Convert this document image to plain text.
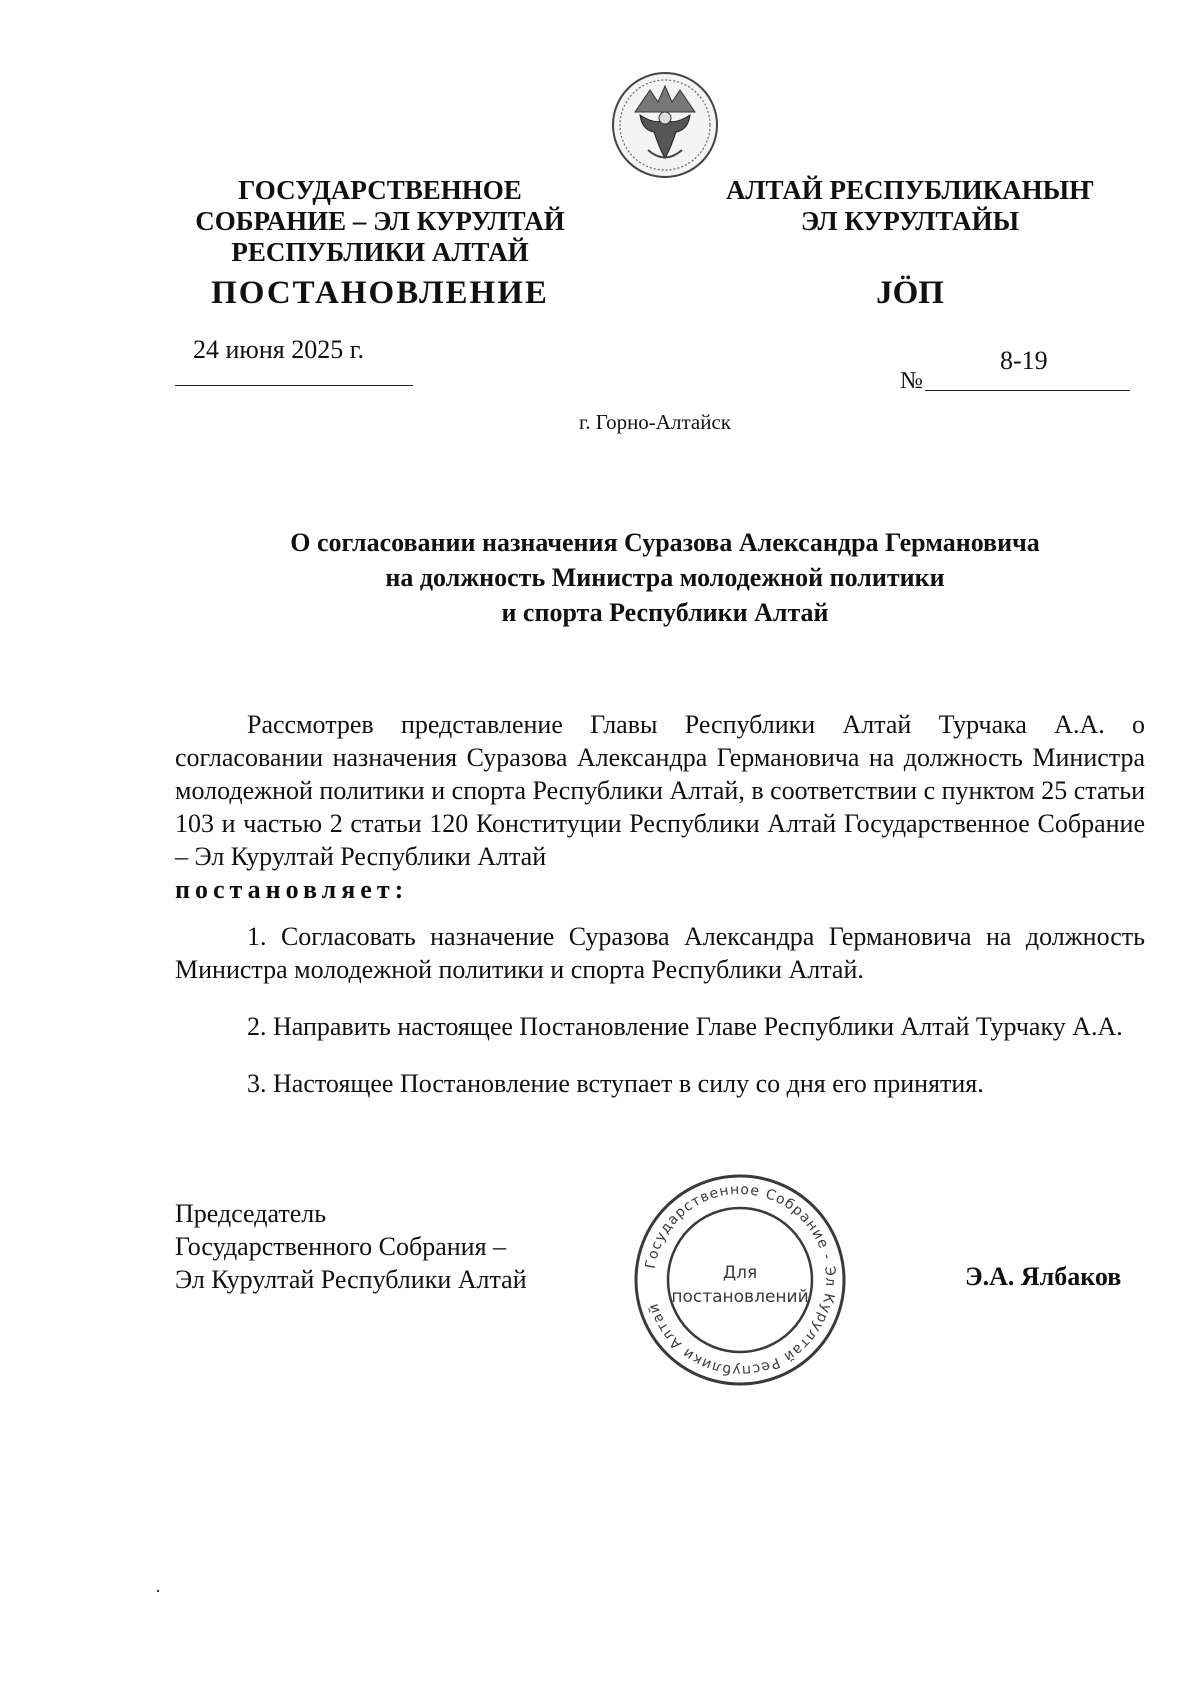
ГОСУДАРСТВЕННОЕ
СОБРАНИЕ – ЭЛ КУРУЛТАЙ
РЕСПУБЛИКИ АЛТАЙ
АЛТАЙ РЕСПУБЛИКАНЫҤ
ЭЛ КУРУЛТАЙЫ
ПОСТАНОВЛЕНИЕ	JӦП
24 июня 2025 г.
№
8-19
г. Горно-Алтайск
О согласовании назначения Суразова Александра Германовича
на должность Министра молодежной политики
и спорта Республики Алтай

Рассмотрев представление Главы Республики Алтай Турчака А.А. о согласовании назначения Суразова Александра Германовича на должность Министра молодежной политики и спорта Республики Алтай, в соответствии с пунктом 25 статьи 103 и частью 2 статьи 120 Конституции Республики Алтай Государственное Собрание – Эл Курултай Республики Алтай

постановляет:

1. Согласовать назначение Суразова Александра Германовича на должность Министра молодежной политики и спорта Республики Алтай.

2. Направить настоящее Постановление Главе Республики Алтай Турчаку А.А.

3. Настоящее Постановление вступает в силу со дня его принятия.

Председатель
Государственного Собрания –
Эл Курултай Республики Алтай	Э.А. Ялбаков
Государственное Собрание - Эл Курултай Республики Алтай
Для
постановлений
